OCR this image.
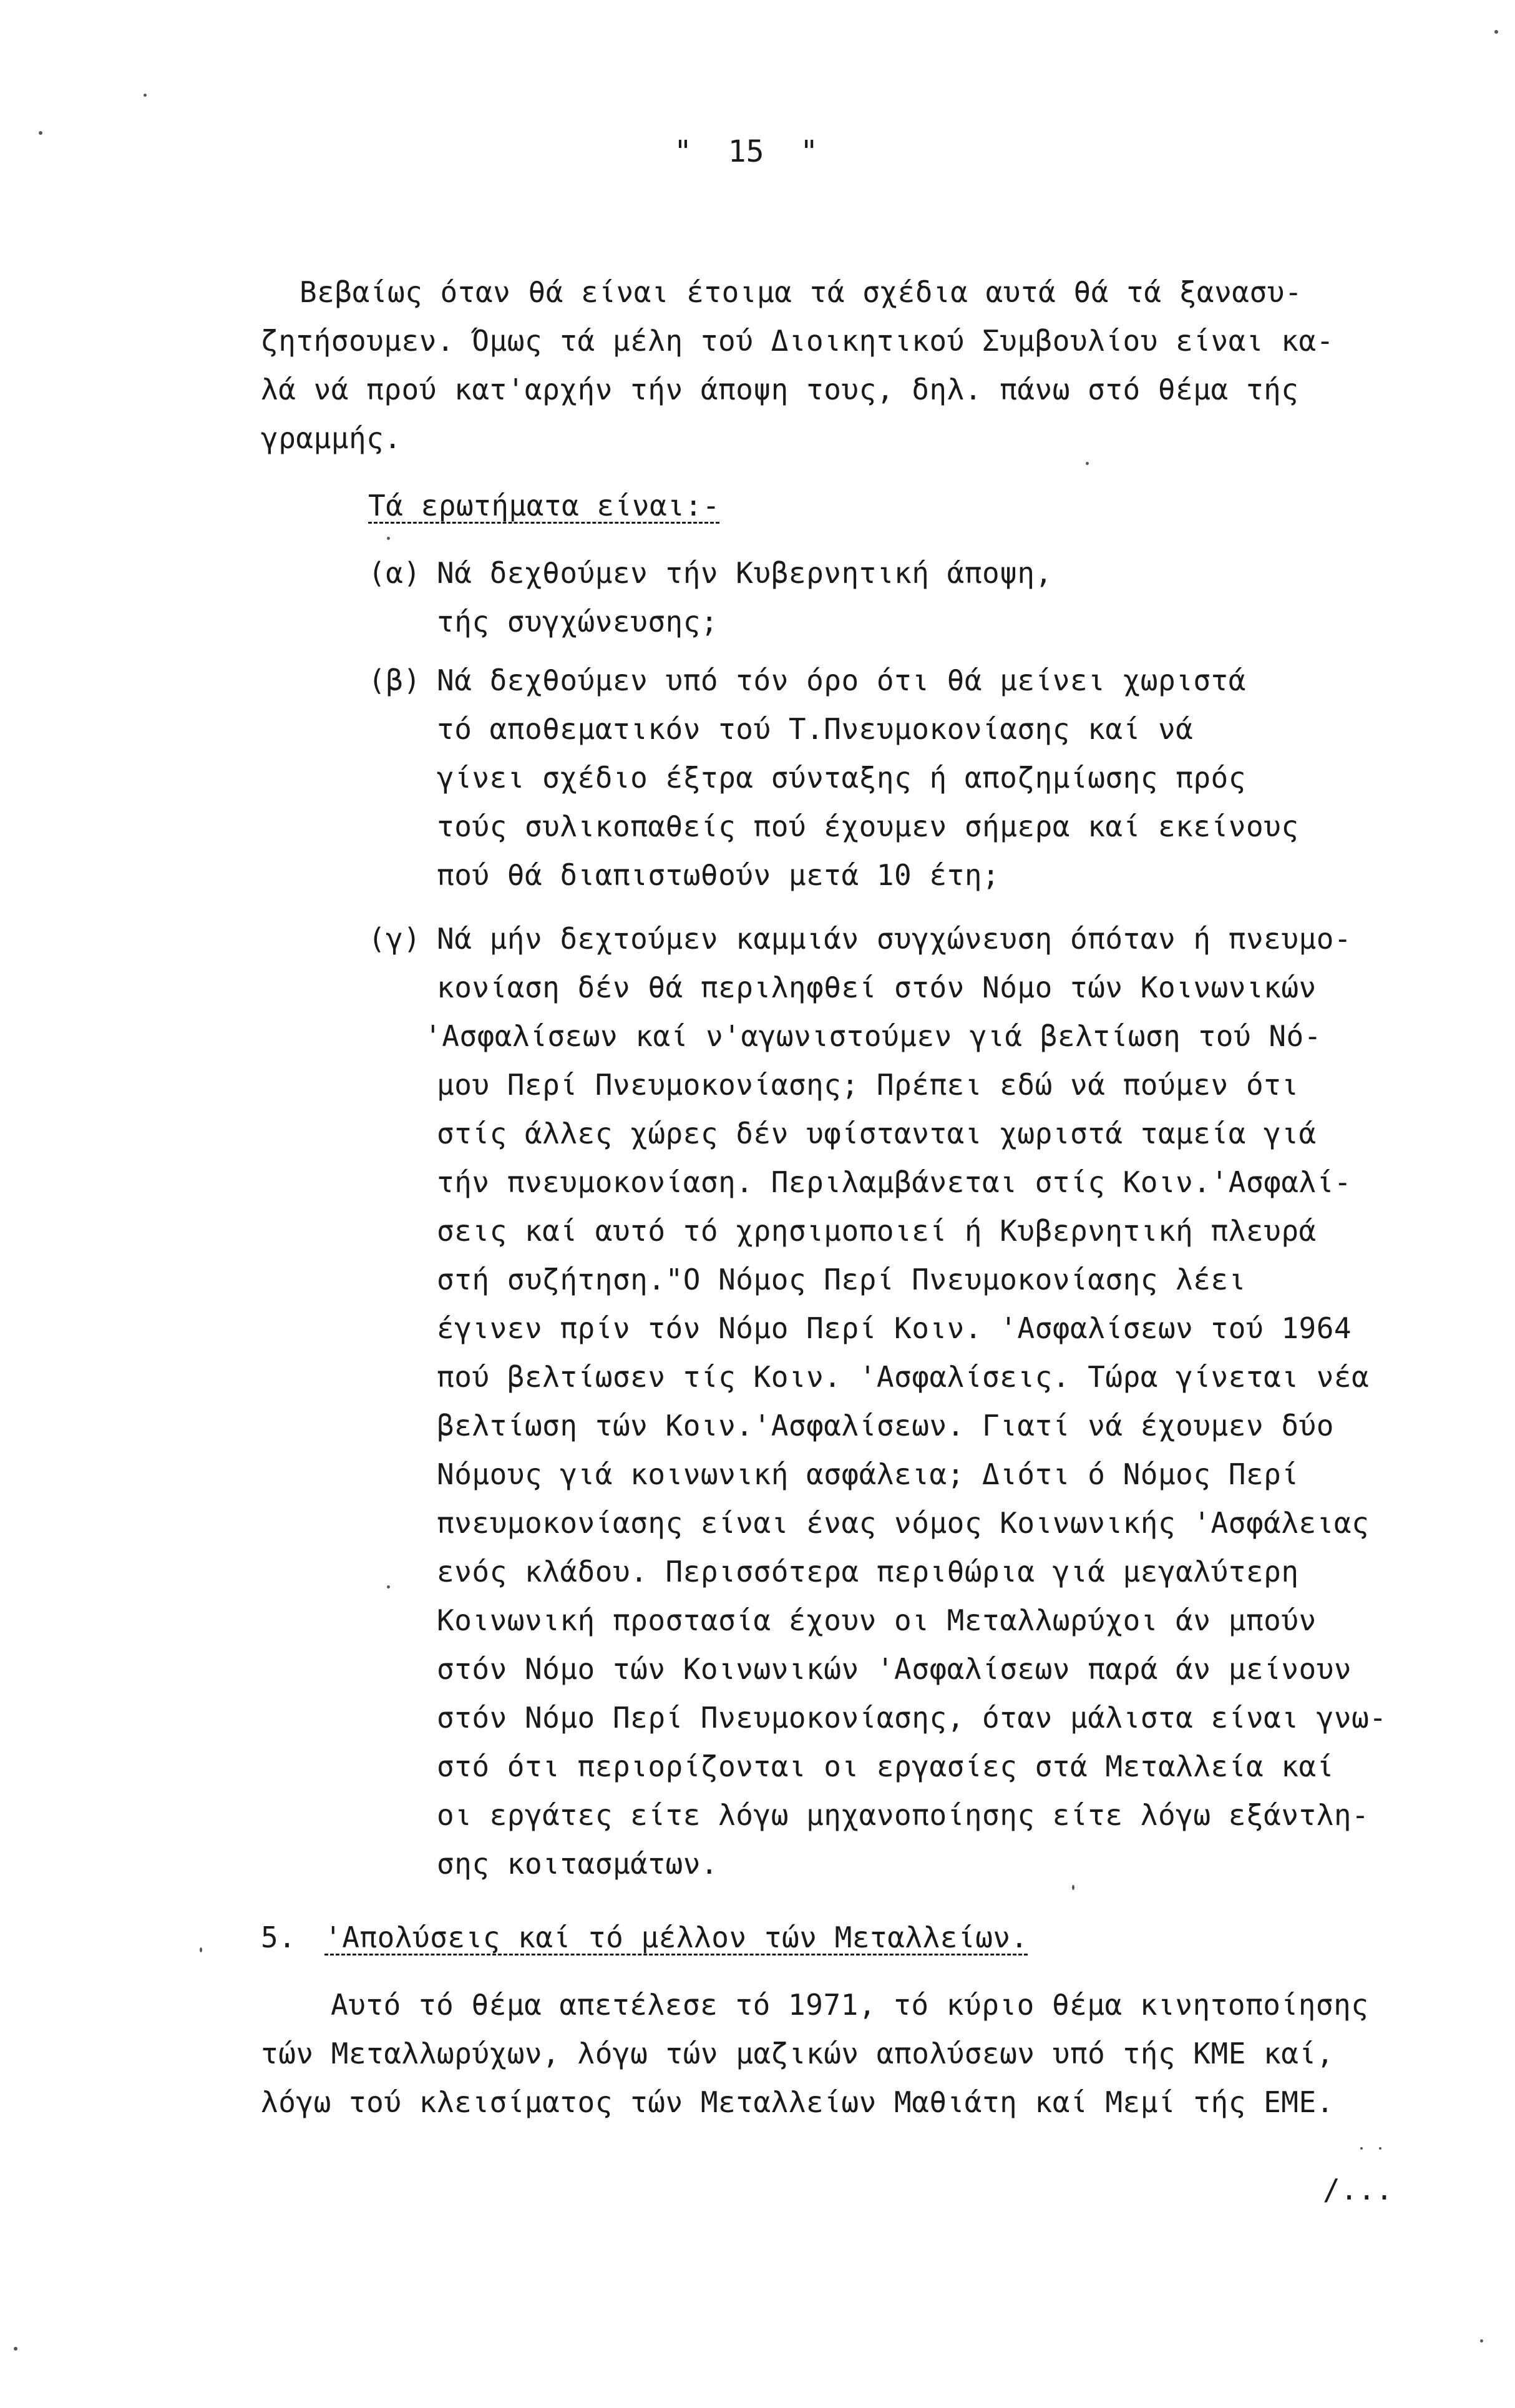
"  15  "
Βεβαίως όταν θά είναι έτοιμα τά σχέδια αυτά θά τά ξανασυ-
ζητήσουμεν. Όμως τά μέλη τού Διοικητικού Συμβουλίου είναι κα-
λά νά πρού κατ'αρχήν τήν άποψη τους, δηλ. πάνω στό θέμα τής
γραμμής.
Τά ερωτήματα είναι:-
(α) Νά δεχθούμεν τήν Κυβερνητική άποψη,
τής συγχώνευσης;
(β) Νά δεχθούμεν υπό τόν όρο ότι θά μείνει χωριστά
τό αποθεματικόν τού Τ.Πνευμοκονίασης καί νά
γίνει σχέδιο έξτρα σύνταξης ή αποζημίωσης πρός
τούς συλικοπαθείς πού έχουμεν σήμερα καί εκείνους
πού θά διαπιστωθούν μετά 10 έτη;
(γ) Νά μήν δεχτούμεν καμμιάν συγχώνευση όπόταν ή πνευμο-
κονίαση δέν θά περιληφθεί στόν Νόμο τών Κοινωνικών
'Ασφαλίσεων καί ν'αγωνιστούμεν γιά βελτίωση τού Νό-
μου Περί Πνευμοκονίασης; Πρέπει εδώ νά πούμεν ότι
στίς άλλες χώρες δέν υφίστανται χωριστά ταμεία γιά
τήν πνευμοκονίαση. Περιλαμβάνεται στίς Κοιν.'Ασφαλί-
σεις καί αυτό τό χρησιμοποιεί ή Κυβερνητική πλευρά
στή συζήτηση."Ο Νόμος Περί Πνευμοκονίασης λέει
έγινεν πρίν τόν Νόμο Περί Κοιν. 'Ασφαλίσεων τού 1964
πού βελτίωσεν τίς Κοιν. 'Ασφαλίσεις. Τώρα γίνεται νέα
βελτίωση τών Κοιν.'Ασφαλίσεων. Γιατί νά έχουμεν δύο
Νόμους γιά κοινωνική ασφάλεια; Διότι ό Νόμος Περί
πνευμοκονίασης είναι ένας νόμος Κοινωνικής 'Ασφάλειας
ενός κλάδου. Περισσότερα περιθώρια γιά μεγαλύτερη
Κοινωνική προστασία έχουν οι Μεταλλωρύχοι άν μπούν
στόν Νόμο τών Κοινωνικών 'Ασφαλίσεων παρά άν μείνουν
στόν Νόμο Περί Πνευμοκονίασης, όταν μάλιστα είναι γνω-
στό ότι περιορίζονται οι εργασίες στά Μεταλλεία καί
οι εργάτες είτε λόγω μηχανοποίησης είτε λόγω εξάντλη-
σης κοιτασμάτων.
5. 'Απολύσεις καί τό μέλλον τών Μεταλλείων.
Αυτό τό θέμα απετέλεσε τό 1971, τό κύριο θέμα κινητοποίησης
τών Μεταλλωρύχων, λόγω τών μαζικών απολύσεων υπό τής ΚΜΕ καί,
λόγω τού κλεισίματος τών Μεταλλείων Μαθιάτη καί Μεμί τής ΕΜΕ.
/...
